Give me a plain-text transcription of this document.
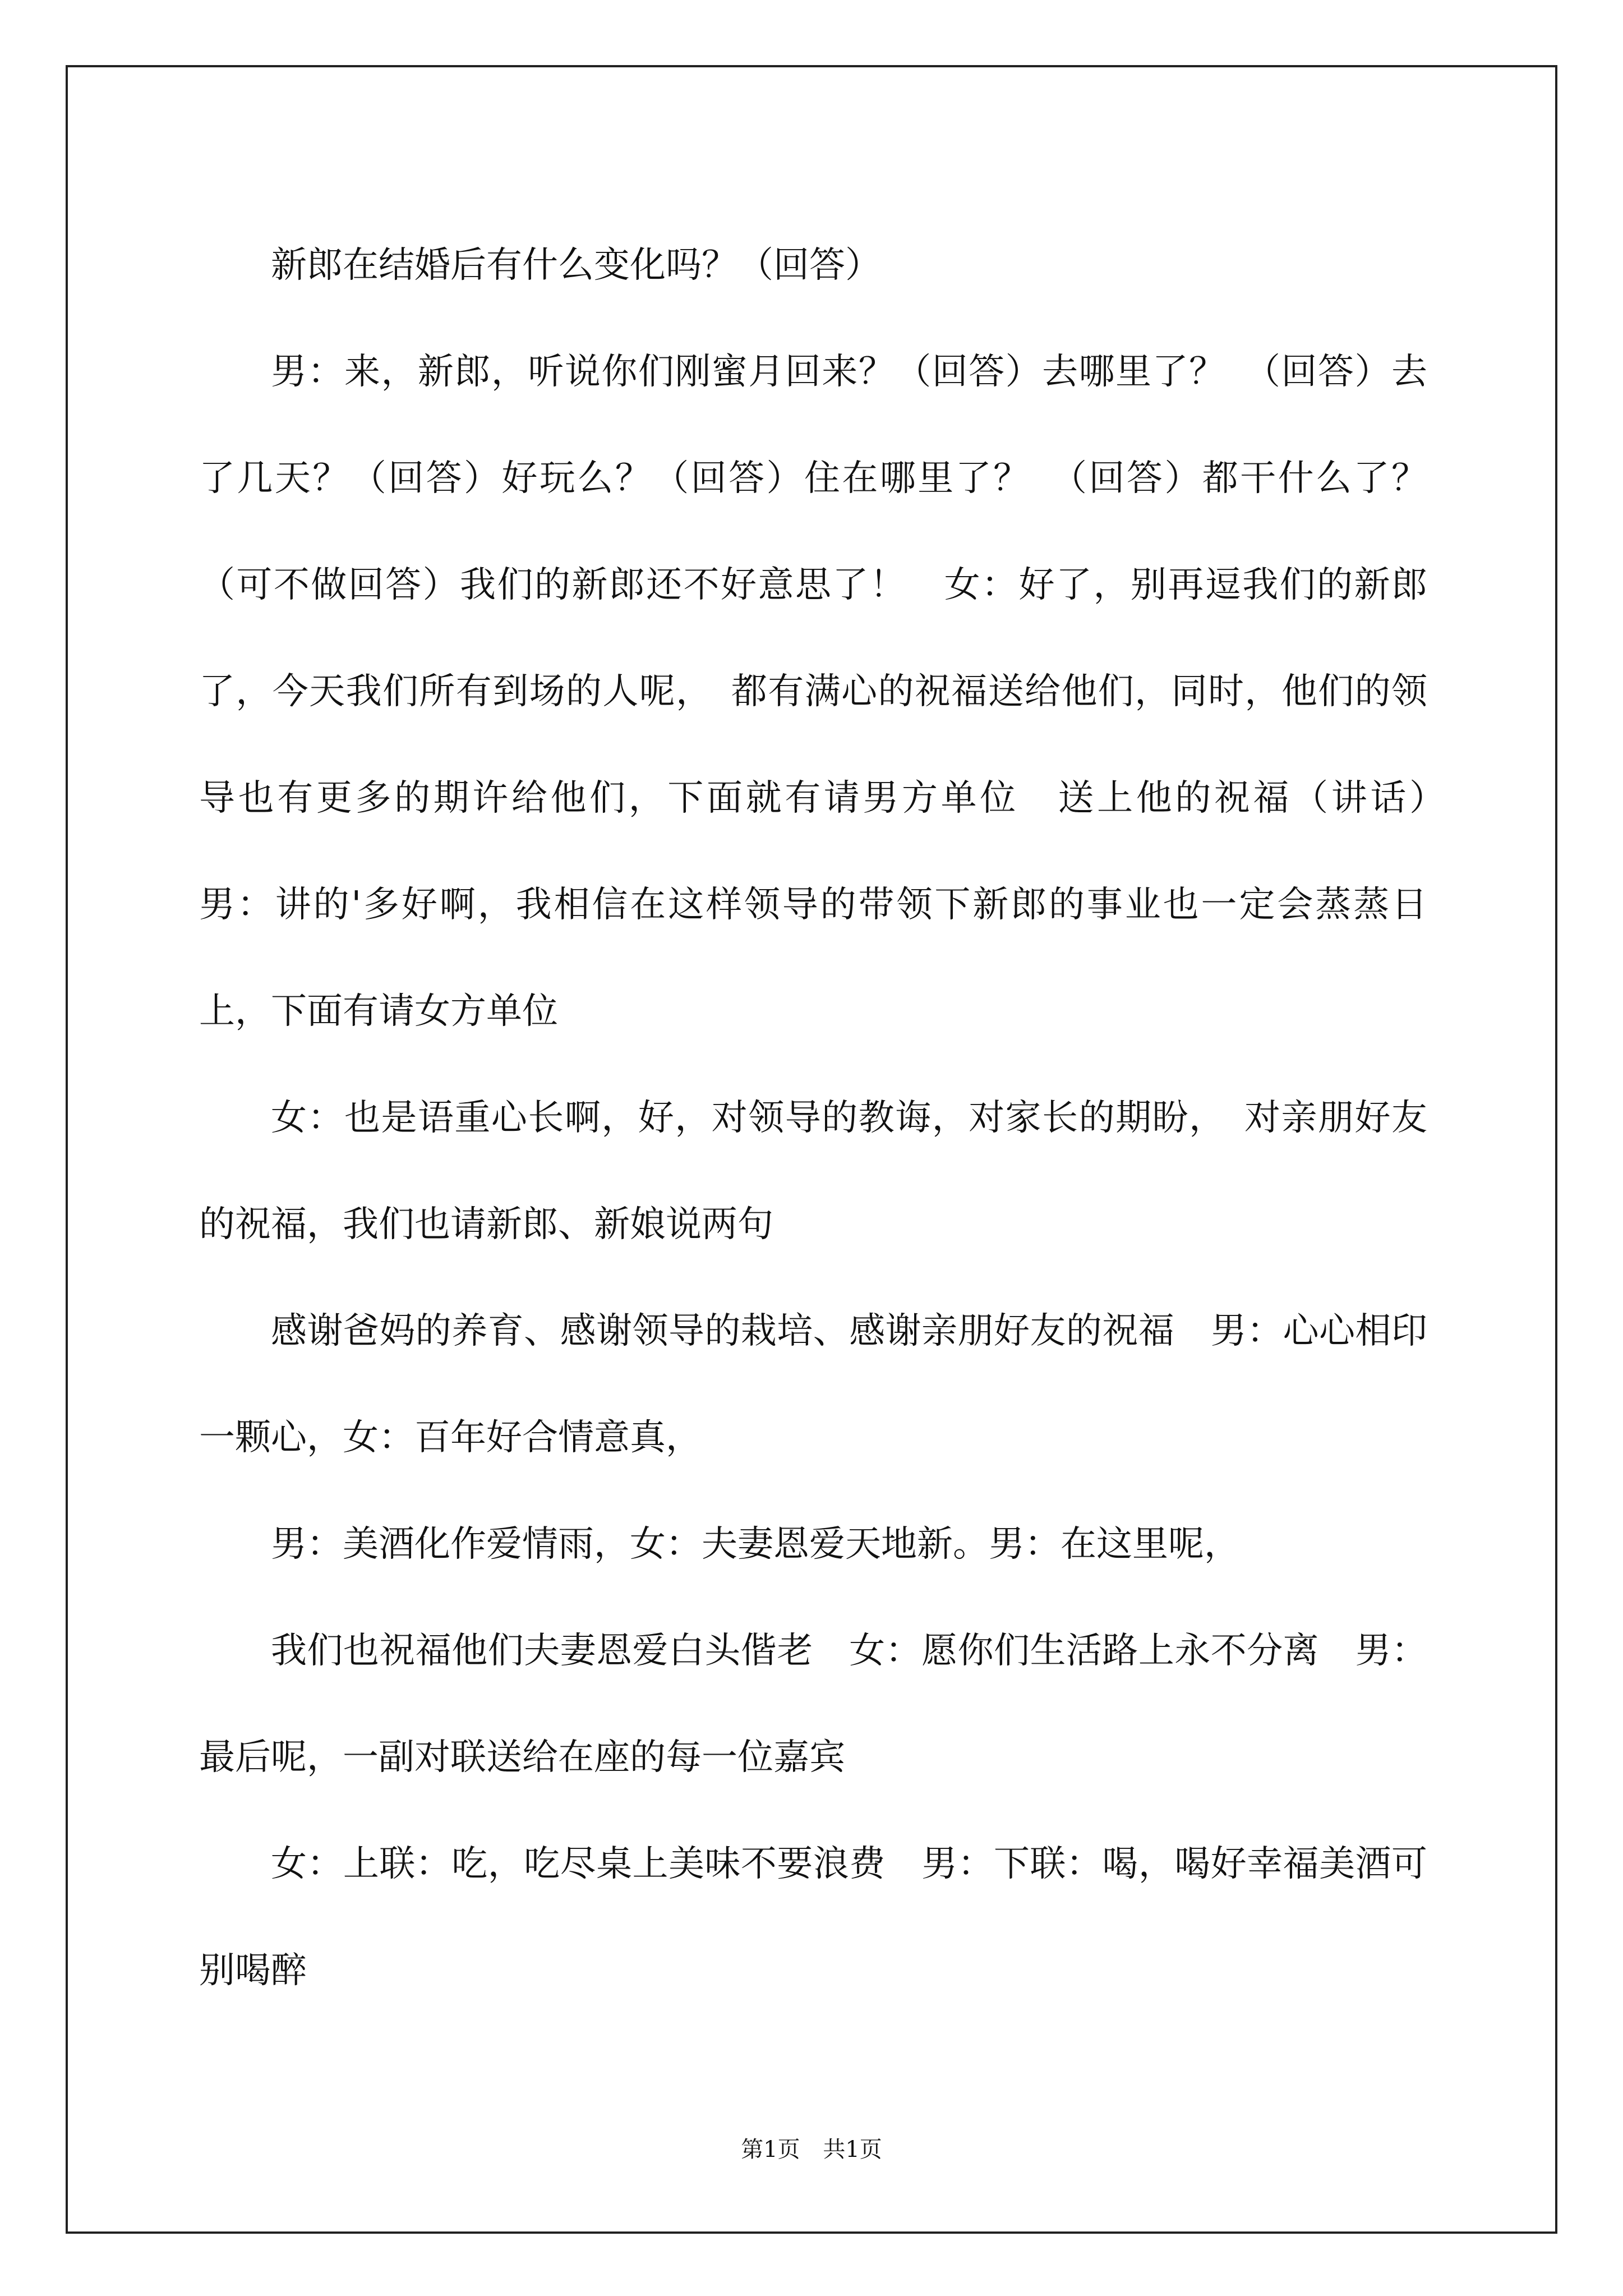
新郎在结婚后有什么变化吗？（回答）

男：来，新郎，听说你们刚蜜月回来？（回答）去哪里了？　（回答）去了几天？（回答）好玩么？（回答）住在哪里了？　（回答）都干什么了？（可不做回答）我们的新郎还不好意思了！　女：好了，别再逗我们的新郎了，今天我们所有到场的人呢，　都有满心的祝福送给他们，同时，他们的领导也有更多的期许给他们，下面就有请男方单位　送上他的祝福（讲话）　男：讲的'多好啊，我相信在这样领导的带领下新郎的事业也一定会蒸蒸日上，下面有请女方单位

女：也是语重心长啊，好，对领导的教诲，对家长的期盼，　对亲朋好友的祝福，我们也请新郎、新娘说两句

感谢爸妈的养育、感谢领导的栽培、感谢亲朋好友的祝福　男：心心相印一颗心，女：百年好合情意真，

男：美酒化作爱情雨，女：夫妻恩爱天地新。男：在这里呢，

我们也祝福他们夫妻恩爱白头偕老　女：愿你们生活路上永不分离　男：最后呢，一副对联送给在座的每一位嘉宾

女：上联：吃，吃尽桌上美味不要浪费　男：下联：喝，喝好幸福美酒可别喝醉

第1页 共1页
